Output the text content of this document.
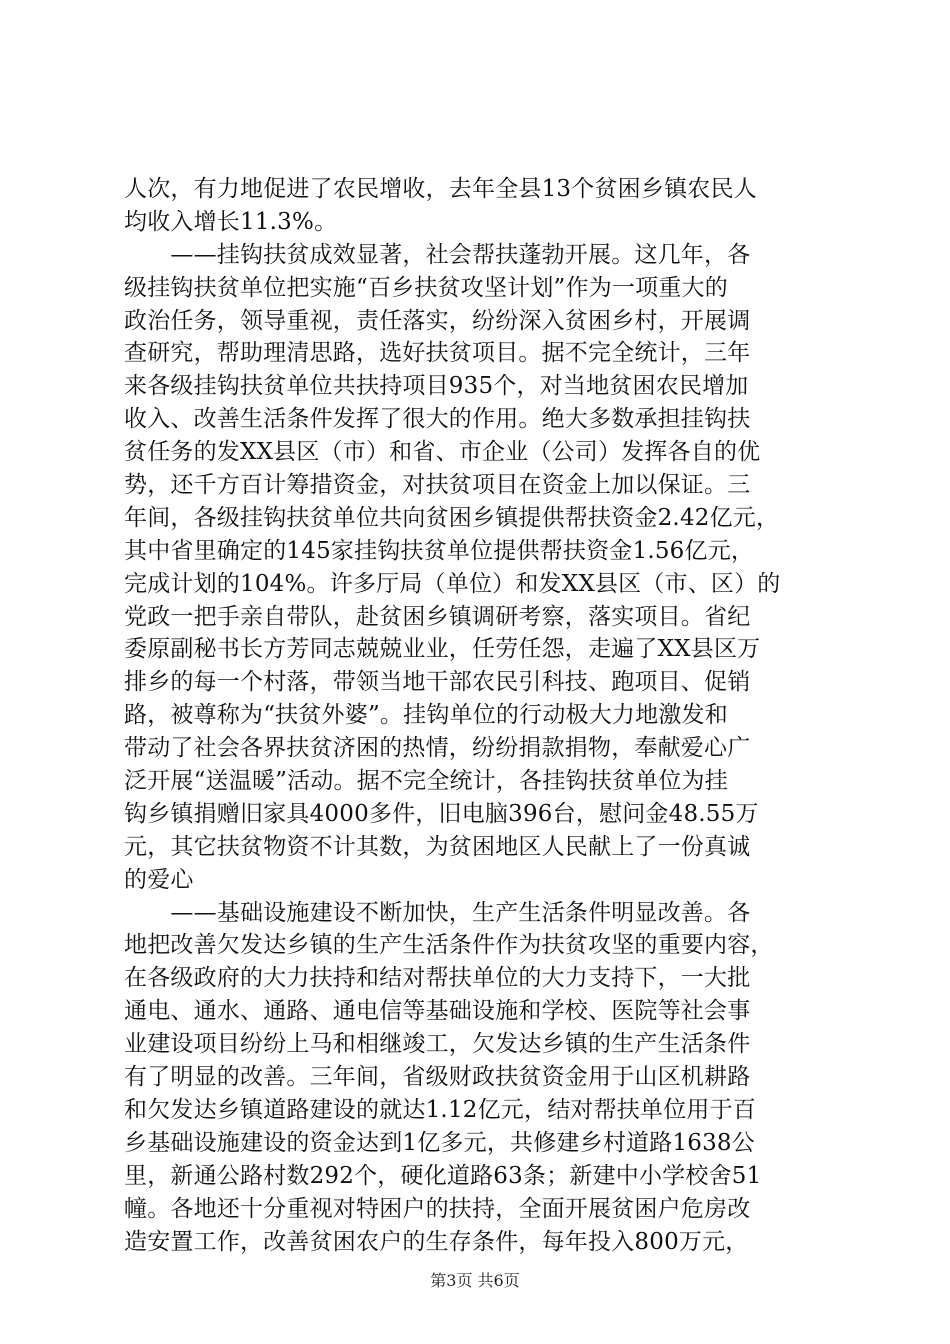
人次，有力地促进了农民增收，去年全县13个贫困乡镇农民人
均收入增长11.3%。
　　——挂钩扶贫成效显著，社会帮扶蓬勃开展。这几年，各
级挂钩扶贫单位把实施“百乡扶贫攻坚计划”作为一项重大的
政治任务，领导重视，责任落实，纷纷深入贫困乡村，开展调
查研究，帮助理清思路，选好扶贫项目。据不完全统计，三年
来各级挂钩扶贫单位共扶持项目935个，对当地贫困农民增加
收入、改善生活条件发挥了很大的作用。绝大多数承担挂钩扶
贫任务的发XX县区（市）和省、市企业（公司）发挥各自的优
势，还千方百计筹措资金，对扶贫项目在资金上加以保证。三
年间，各级挂钩扶贫单位共向贫困乡镇提供帮扶资金2.42亿元，
其中省里确定的145家挂钩扶贫单位提供帮扶资金1.56亿元，
完成计划的104%。许多厅局（单位）和发XX县区（市、区）的
党政一把手亲自带队，赴贫困乡镇调研考察，落实项目。省纪
委原副秘书长方芳同志兢兢业业，任劳任怨，走遍了XX县区万
排乡的每一个村落，带领当地干部农民引科技、跑项目、促销
路，被尊称为“扶贫外婆”。挂钩单位的行动极大力地激发和
带动了社会各界扶贫济困的热情，纷纷捐款捐物，奉献爱心广
泛开展“送温暖”活动。据不完全统计，各挂钩扶贫单位为挂
钩乡镇捐赠旧家具4000多件，旧电脑396台，慰问金48.55万
元，其它扶贫物资不计其数，为贫困地区人民献上了一份真诚
的爱心
　　——基础设施建设不断加快，生产生活条件明显改善。各
地把改善欠发达乡镇的生产生活条件作为扶贫攻坚的重要内容，
在各级政府的大力扶持和结对帮扶单位的大力支持下，一大批
通电、通水、通路、通电信等基础设施和学校、医院等社会事
业建设项目纷纷上马和相继竣工，欠发达乡镇的生产生活条件
有了明显的改善。三年间，省级财政扶贫资金用于山区机耕路
和欠发达乡镇道路建设的就达1.12亿元，结对帮扶单位用于百
乡基础设施建设的资金达到1亿多元，共修建乡村道路1638公
里，新通公路村数292个，硬化道路63条；新建中小学校舍51
幢。各地还十分重视对特困户的扶持，全面开展贫困户危房改
造安置工作，改善贫困农户的生存条件，每年投入800万元，
第3页 共6页
